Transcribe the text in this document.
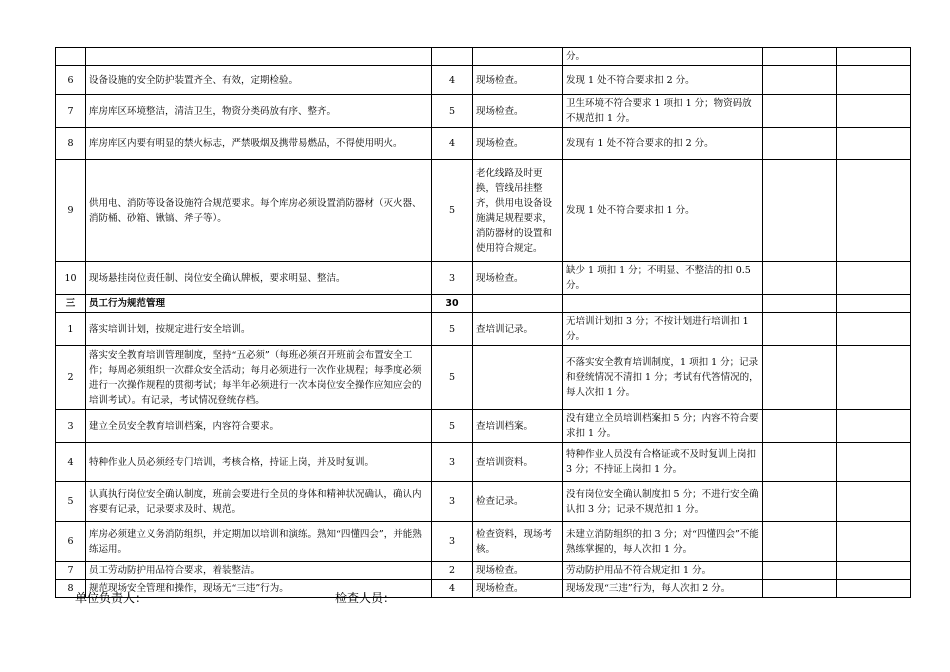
				分。		
6	设备设施的安全防护装置齐全、有效，定期检验。	4	现场检查。	发现 1 处不符合要求扣 2 分。		
7	库房库区环境整洁，清洁卫生，物资分类码放有序、整齐。	5	现场检查。	卫生环境不符合要求 1 项扣 1 分；物资码放不规范扣 1 分。		
8	库房库区内要有明显的禁火标志，严禁吸烟及携带易燃品，不得使用明火。	4	现场检查。	发现有 1 处不符合要求的扣 2 分。		
9	供用电、消防等设备设施符合规范要求。每个库房必须设置消防器材（灭火器、消防桶、砂箱、锹镐、斧子等）。	5	老化线路及时更换，管线吊挂整齐，供用电设备设施满足规程要求，消防器材的设置和使用符合规定。	发现 1 处不符合要求扣 1 分。		
10	现场悬挂岗位责任制、岗位安全确认牌板，要求明显、整洁。	3	现场检查。	缺少 1 项扣 1 分；不明显、不整洁的扣 0.5 分。		
三	员工行为规范管理	30				
1	落实培训计划，按规定进行安全培训。	5	查培训记录。	无培训计划扣 3 分；不按计划进行培训扣 1 分。		
2	落实安全教育培训管理制度，坚持“五必须”（每班必须召开班前会布置安全工作；每周必须组织一次群众安全活动；每月必须进行一次作业规程；每季度必须进行一次操作规程的贯彻考试；每半年必须进行一次本岗位安全操作应知应会的培训考试）。有记录，考试情况登统存档。	5		不落实安全教育培训制度，1 项扣 1 分；记录和登统情况不清扣 1 分；考试有代答情况的，每人次扣 1 分。		
3	建立全员安全教育培训档案，内容符合要求。	5	查培训档案。	没有建立全员培训档案扣 5 分；内容不符合要求扣 1 分。		
4	特种作业人员必须经专门培训，考核合格，持证上岗，并及时复训。	3	查培训资料。	特种作业人员没有合格证或不及时复训上岗扣 3 分；不持证上岗扣 1 分。		
5	认真执行岗位安全确认制度，班前会要进行全员的身体和精神状况确认，确认内容要有记录，记录要求及时、规范。	3	检查记录。	没有岗位安全确认制度扣 5 分；不进行安全确认扣 3 分；记录不规范扣 1 分。		
6	库房必须建立义务消防组织，并定期加以培训和演练。熟知“四懂四会”，并能熟练运用。	3	检查资料，现场考核。	未建立消防组织的扣 3 分；对“四懂四会”不能熟练掌握的，每人次扣 1 分。		
7	员工劳动防护用品符合要求，着装整洁。	2	现场检查。	劳动防护用品不符合规定扣 1 分。		
8	规范现场安全管理和操作，现场无“三违”行为。	4	现场检查。	现场发现“三违”行为，每人次扣 2 分。		
单位负责人：	检查人员：
